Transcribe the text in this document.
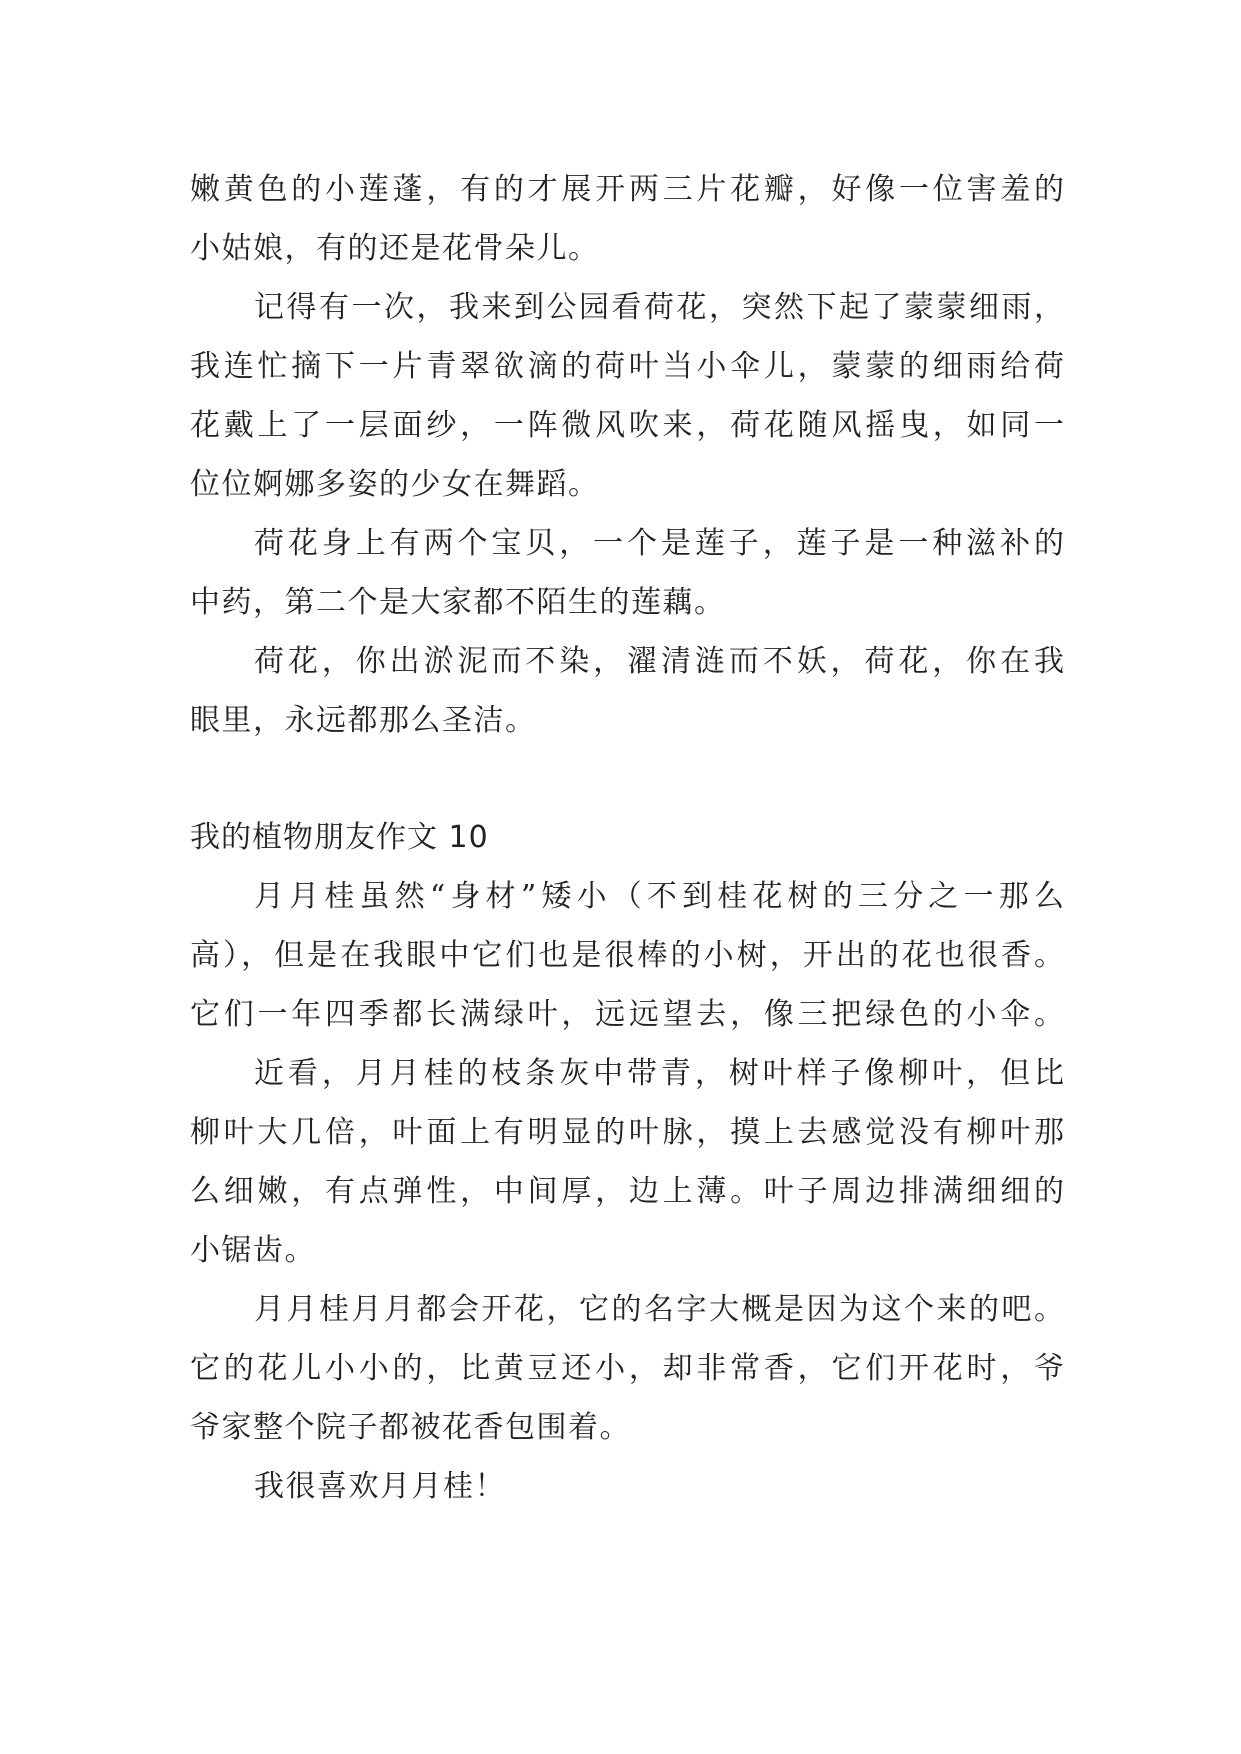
嫩黄色的小莲蓬，有的才展开两三片花瓣，好像一位害羞的
小姑娘，有的还是花骨朵儿。
记得有一次，我来到公园看荷花，突然下起了蒙蒙细雨，
我连忙摘下一片青翠欲滴的荷叶当小伞儿，蒙蒙的细雨给荷
花戴上了一层面纱，一阵微风吹来，荷花随风摇曳，如同一
位位婀娜多姿的少女在舞蹈。
荷花身上有两个宝贝，一个是莲子，莲子是一种滋补的
中药，第二个是大家都不陌生的莲藕。
荷花，你出淤泥而不染，濯清涟而不妖，荷花，你在我
眼里，永远都那么圣洁。
我的植物朋友作文 10
月月桂虽然“身材”矮小（不到桂花树的三分之一那么
高），但是在我眼中它们也是很棒的小树，开出的花也很香。
它们一年四季都长满绿叶，远远望去，像三把绿色的小伞。
近看，月月桂的枝条灰中带青，树叶样子像柳叶，但比
柳叶大几倍，叶面上有明显的叶脉，摸上去感觉没有柳叶那
么细嫩，有点弹性，中间厚，边上薄。叶子周边排满细细的
小锯齿。
月月桂月月都会开花，它的名字大概是因为这个来的吧。
它的花儿小小的，比黄豆还小，却非常香，它们开花时，爷
爷家整个院子都被花香包围着。
我很喜欢月月桂！
